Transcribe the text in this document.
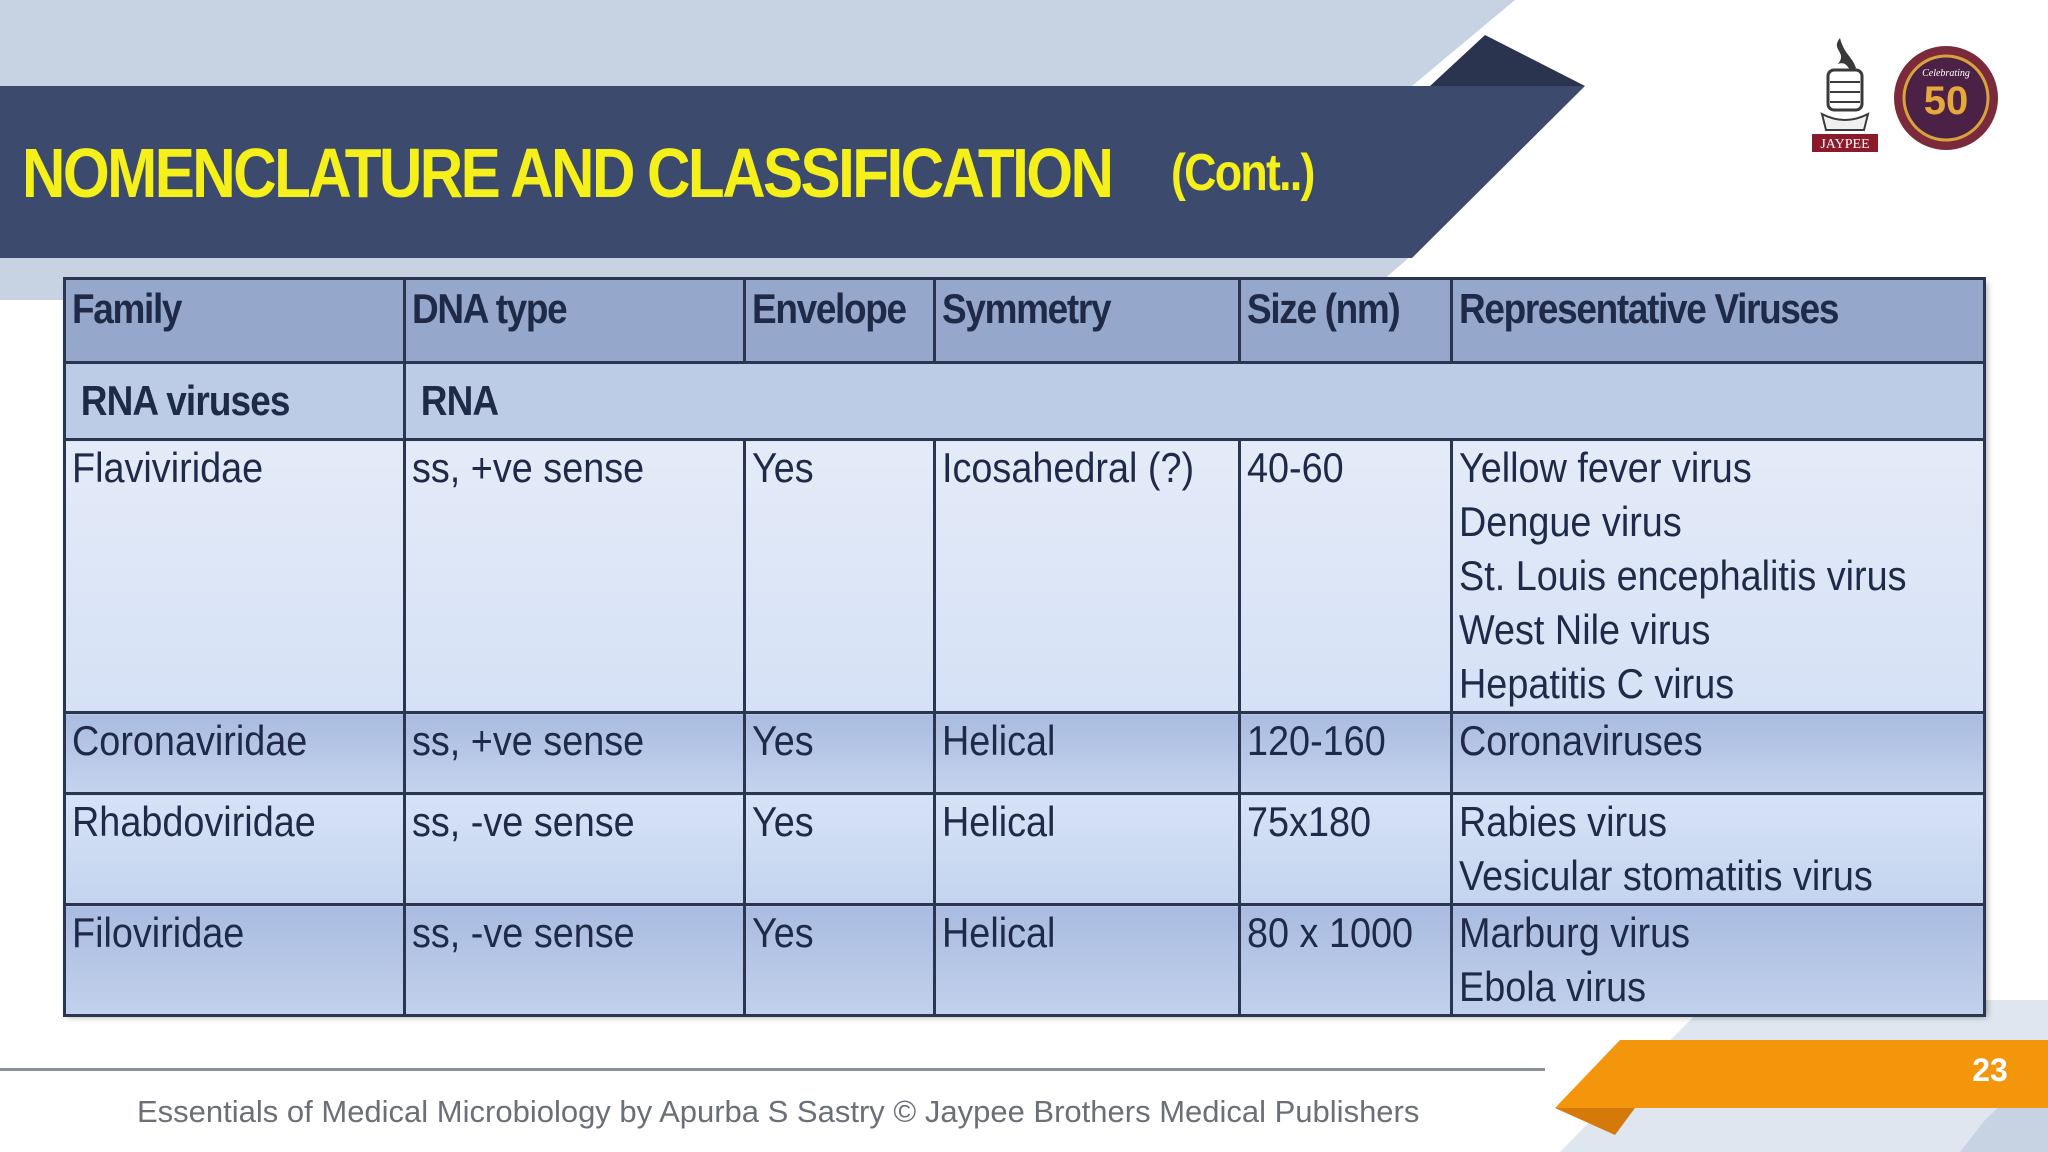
NOMENCLATURE AND CLASSIFICATION (Cont..)	JAYPEE
50
Celebrating
Family	DNA type	Envelope	Symmetry	Size (nm)	Representative Viruses
RNA viruses	RNA				
Flaviviridae	ss, +ve sense	Yes	Icosahedral (?)	40-60	Yellow fever virus
Dengue virus
St. Louis encephalitis virus
West Nile virus
Hepatitis C virus

Coronaviridae	ss, +ve sense	Yes	Helical	120-160	Coronaviruses

Rhabdoviridae	ss, -ve sense	Yes	Helical	75x180	Rabies virus
Vesicular stomatitis virus

Filoviridae	ss, -ve sense	Yes	Helical	80 x 1000	Marburg virus
Ebola virus
Essentials of Medical Microbiology by Apurba S Sastry © Jaypee Brothers Medical Publishers
23
